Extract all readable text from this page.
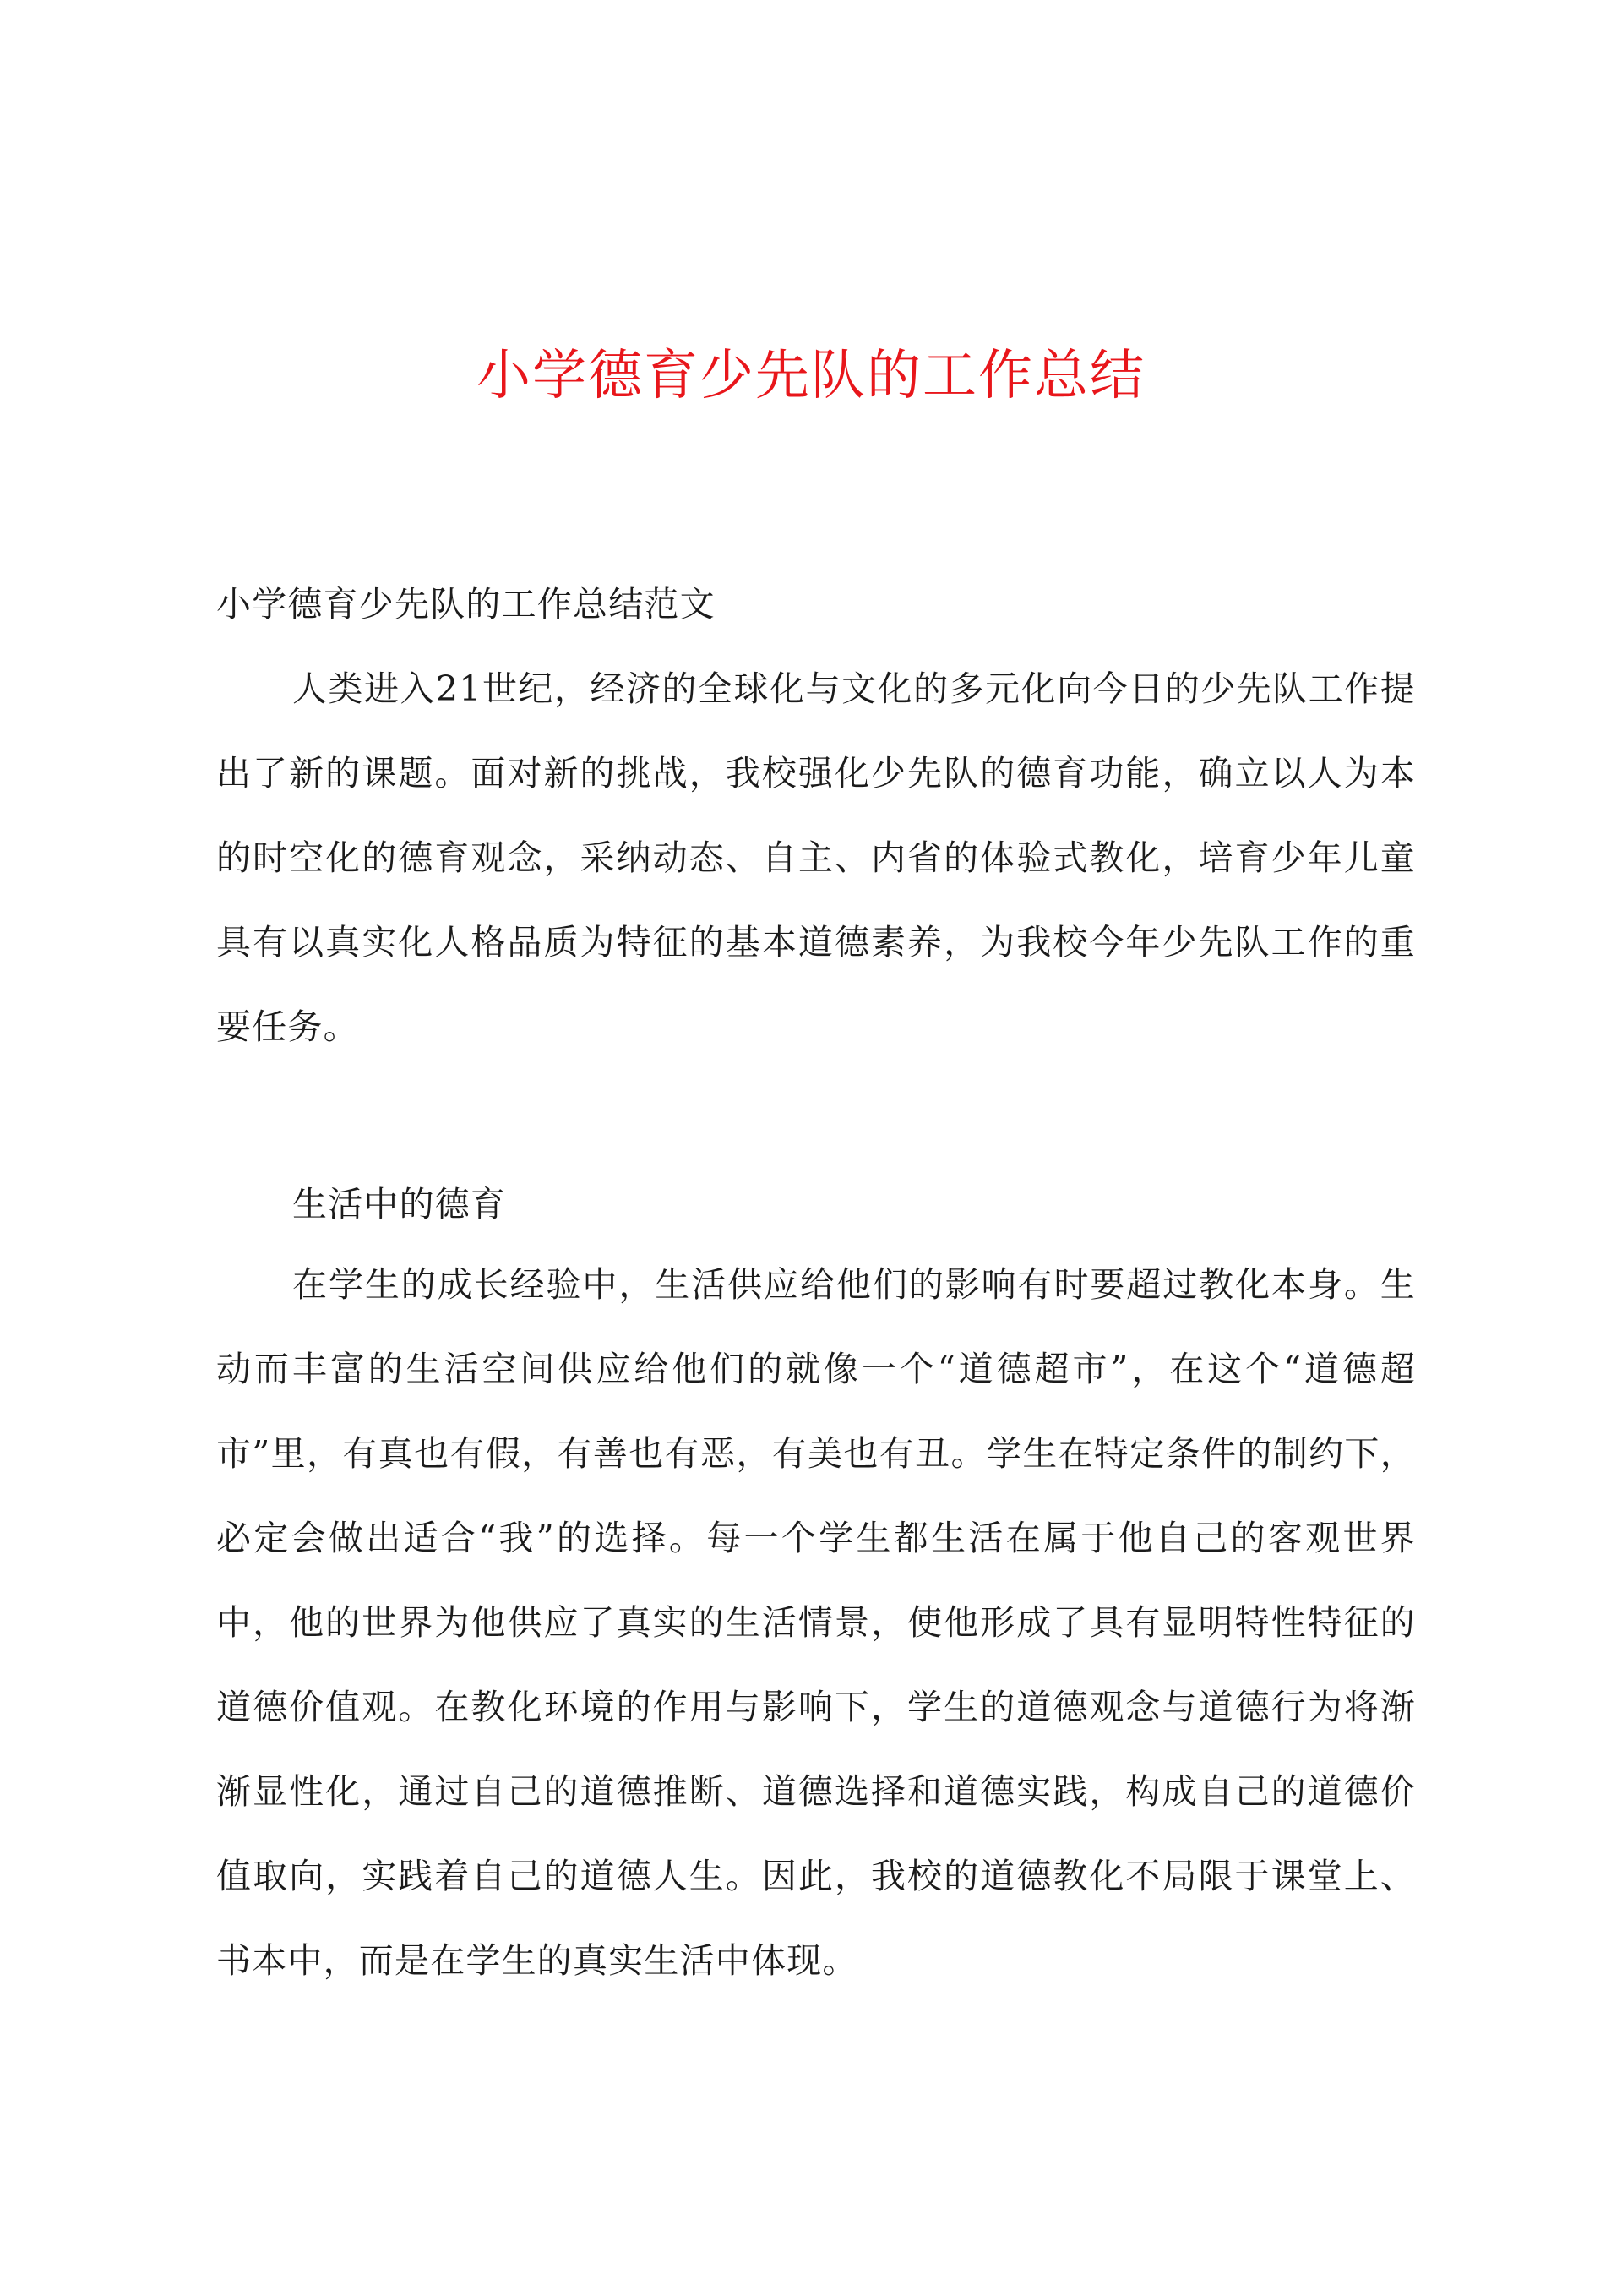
小学德育少先队的工作总结
小学德育少先队的工作总结范文
人类进入21世纪，经济的全球化与文化的多元化向今日的少先队工作提出了新的课题。面对新的挑战，我校强化少先队的德育功能，确立以人为本的时空化的德育观念，采纳动态、自主、内省的体验式教化，培育少年儿童具有以真实化人格品质为特征的基本道德素养，为我校今年少先队工作的重要任务。
生活中的德育
在学生的成长经验中，生活供应给他们的影响有时要超过教化本身。生动而丰富的生活空间供应给他们的就像一个“道德超市”，在这个“道德超市”里，有真也有假，有善也有恶，有美也有丑。学生在特定条件的制约下，必定会做出适合“我”的选择。每一个学生都生活在属于他自己的客观世界中，他的世界为他供应了真实的生活情景，使他形成了具有显明特性特征的道德价值观。在教化环境的作用与影响下，学生的道德观念与道德行为将渐渐显性化，通过自己的道德推断、道德选择和道德实践，构成自己的道德价值取向，实践着自己的道德人生。因此，我校的道德教化不局限于课堂上、书本中，而是在学生的真实生活中体现。
